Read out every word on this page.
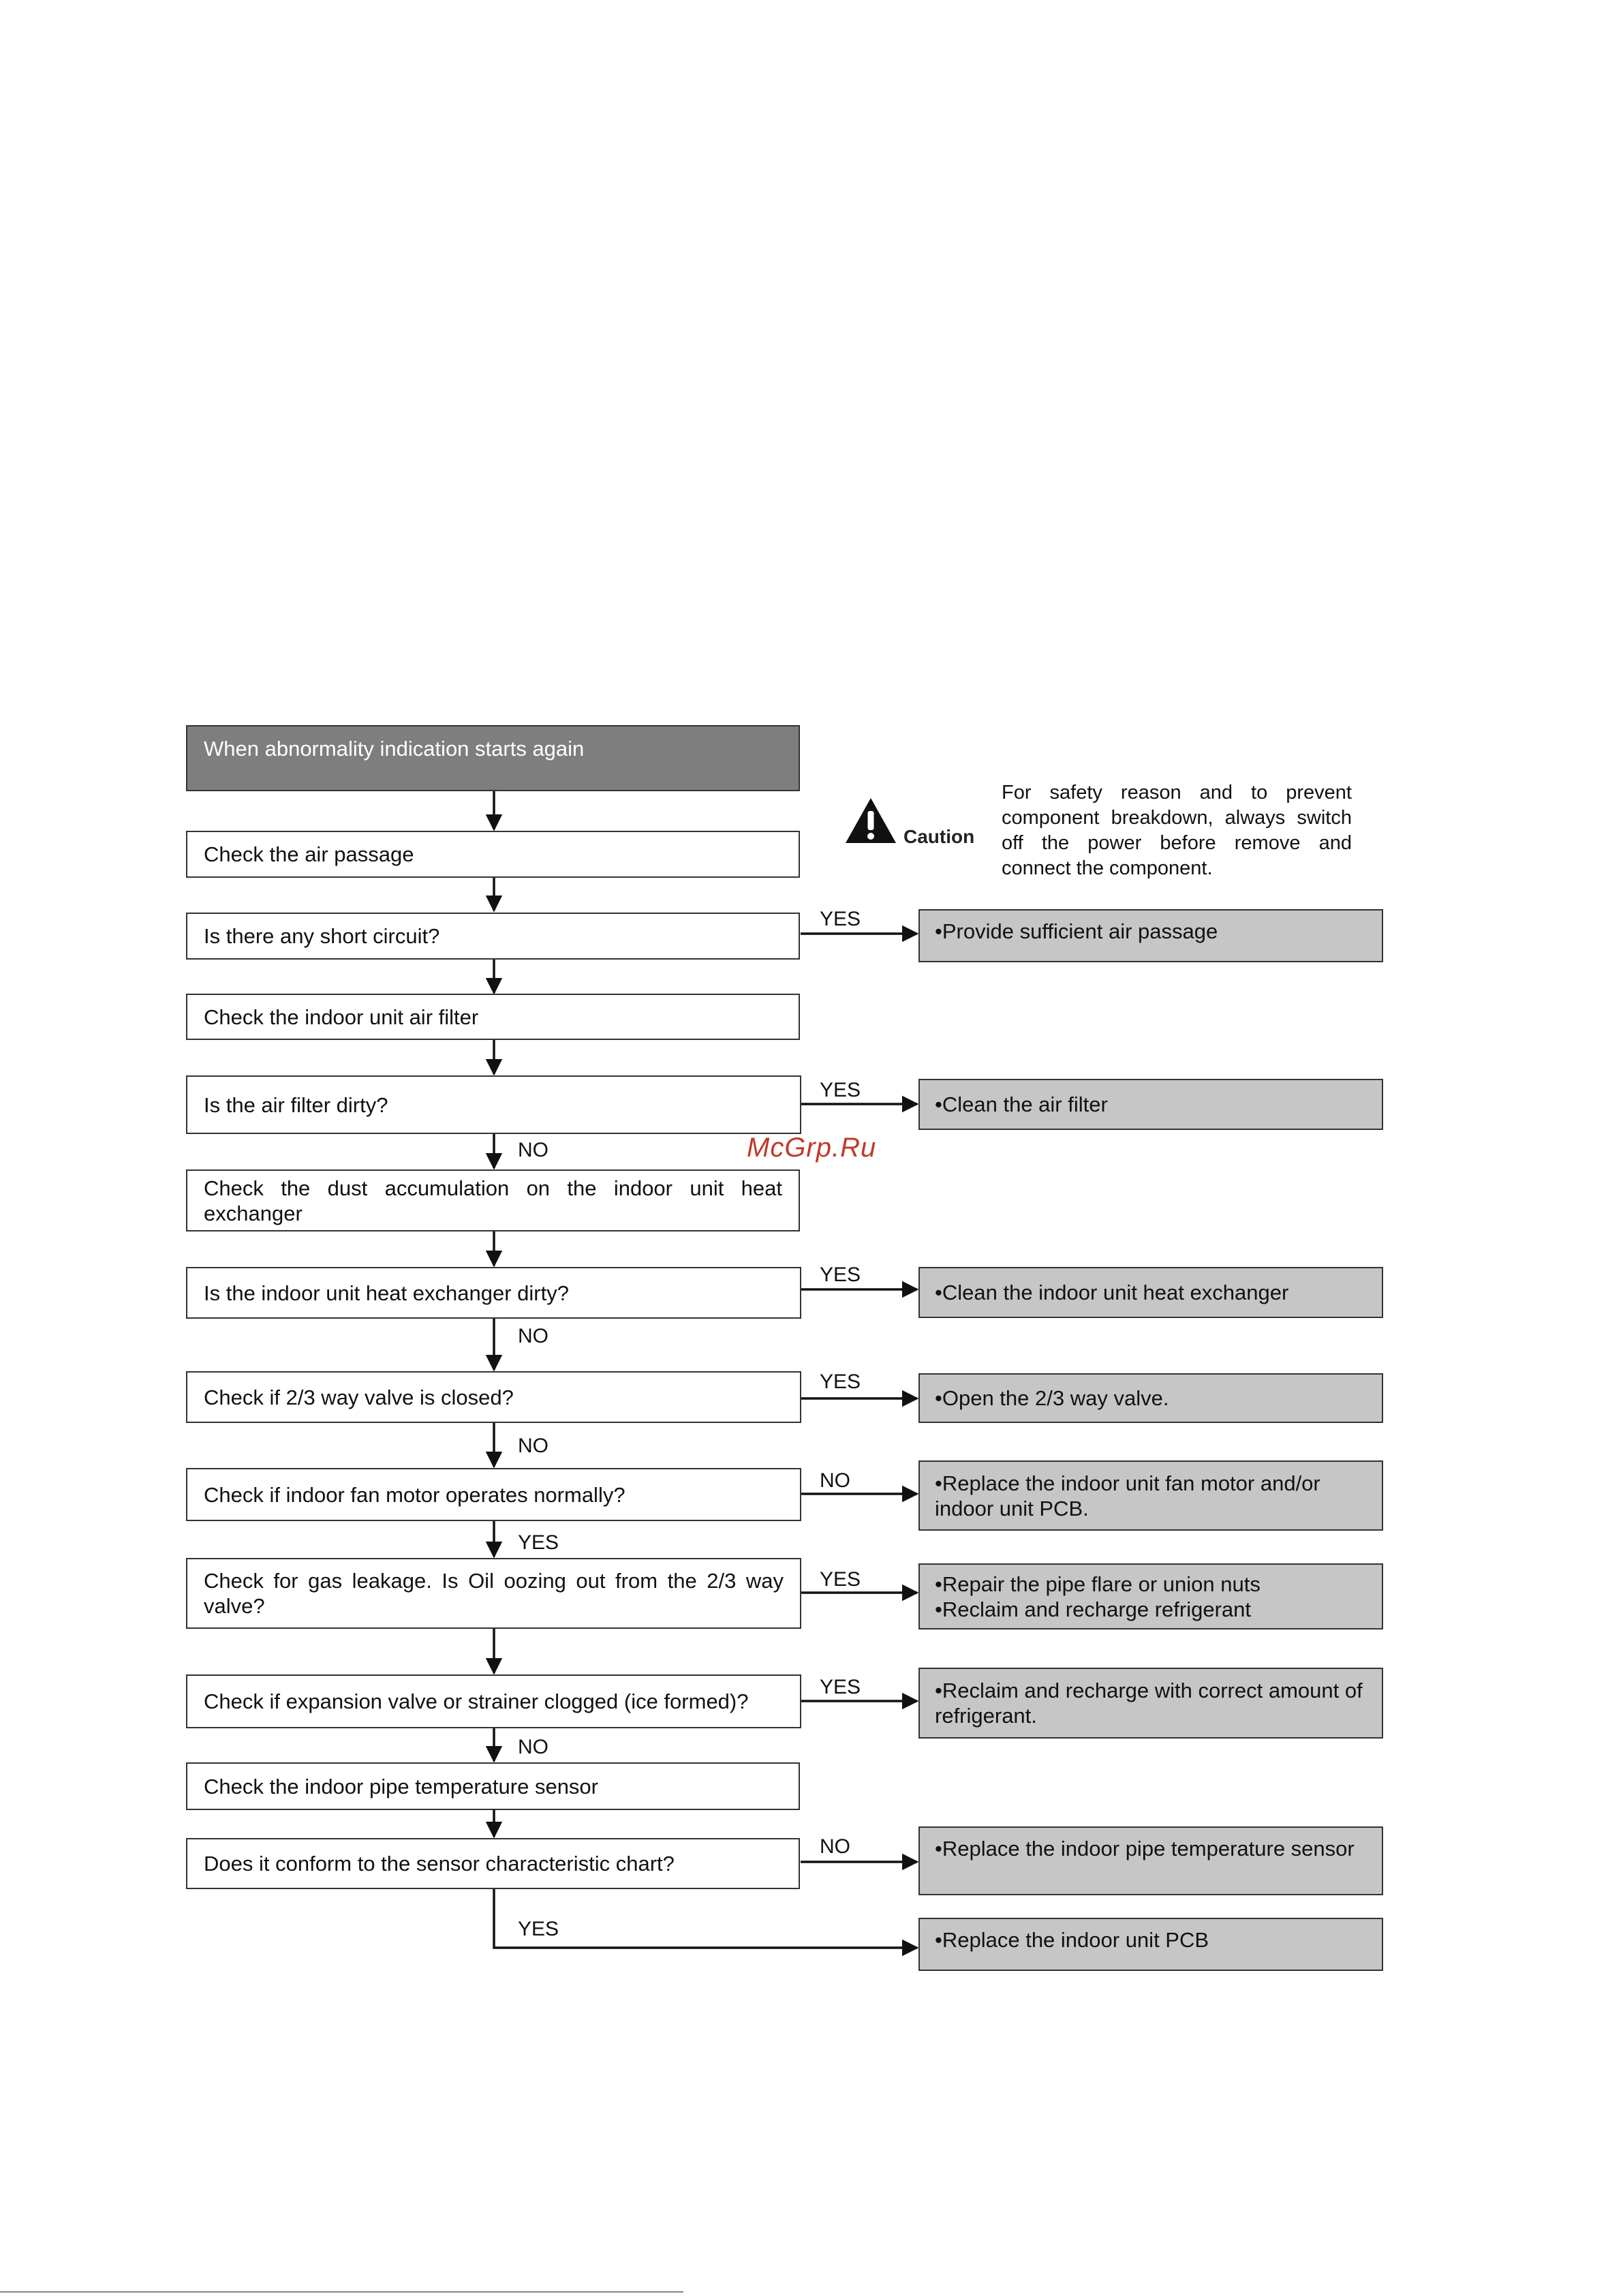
When abnormality indication starts again
Check the air passage
Is there any short circuit?
Check the indoor unit air filter
Is the air filter dirty?
Check the dust accumulation on the indoor unit heat exchanger
Is the indoor unit heat exchanger dirty?
Check if 2/3 way valve is closed?
Check if indoor fan motor operates normally?
Check for gas leakage. Is Oil oozing out from the 2/3 way valve?
Check if expansion valve or strainer clogged (ice formed)?
Check the indoor pipe temperature sensor
Does it conform to the sensor characteristic chart?
•Provide sufficient air passage
•Clean the air filter
•Clean the indoor unit heat exchanger
•Open the 2/3 way valve.
•Replace the indoor unit fan motor and/or indoor unit PCB.
•Repair the pipe flare or union nuts
•Reclaim and recharge refrigerant
•Reclaim and recharge with correct amount of refrigerant.
•Replace the indoor pipe temperature sensor
•Replace the indoor unit PCB
YES
YES
NO
YES
NO
YES
NO
NO
YES
YES
YES
NO
NO
YES
Caution
For safety reason and to prevent component breakdown, always switch off the power before remove and connect the component.
McGrp.Ru
